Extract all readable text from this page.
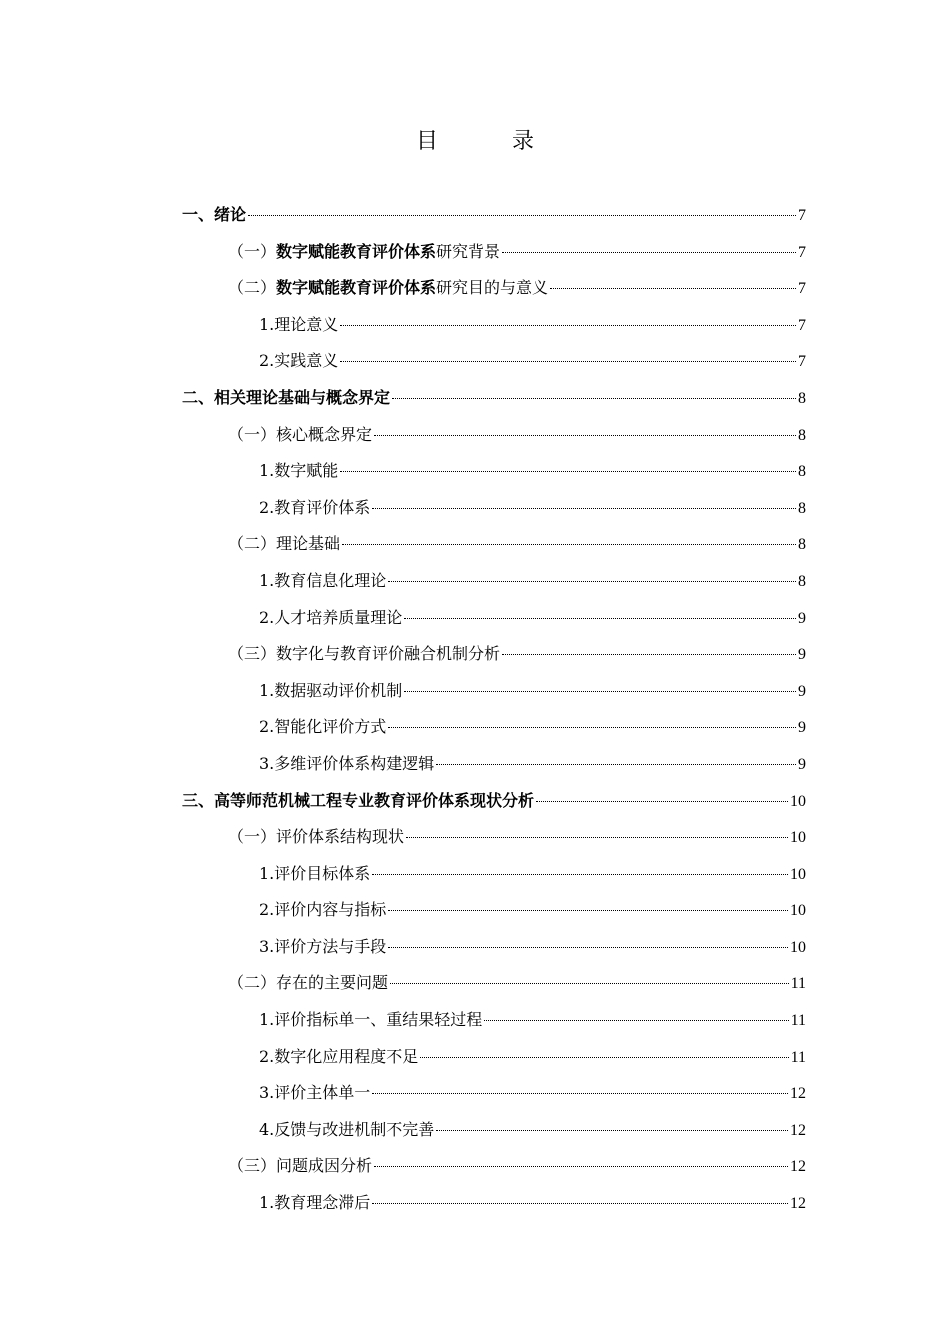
目　录
一、绪论	7
（一）数字赋能教育评价体系研究背景	7
（二）数字赋能教育评价体系研究目的与意义	7
1.理论意义	7
2.实践意义	7
二、相关理论基础与概念界定	8
（一）核心概念界定	8
1.数字赋能	8
2.教育评价体系	8
（二）理论基础	8
1.教育信息化理论	8
2.人才培养质量理论	9
（三）数字化与教育评价融合机制分析	9
1.数据驱动评价机制	9
2.智能化评价方式	9
3.多维评价体系构建逻辑	9
三、高等师范机械工程专业教育评价体系现状分析	10
（一）评价体系结构现状	10
1.评价目标体系	10
2.评价内容与指标	10
3.评价方法与手段	10
（二）存在的主要问题	11
1.评价指标单一、重结果轻过程	11
2.数字化应用程度不足	11
3.评价主体单一	12
4.反馈与改进机制不完善	12
（三）问题成因分析	12
1.教育理念滞后	12
